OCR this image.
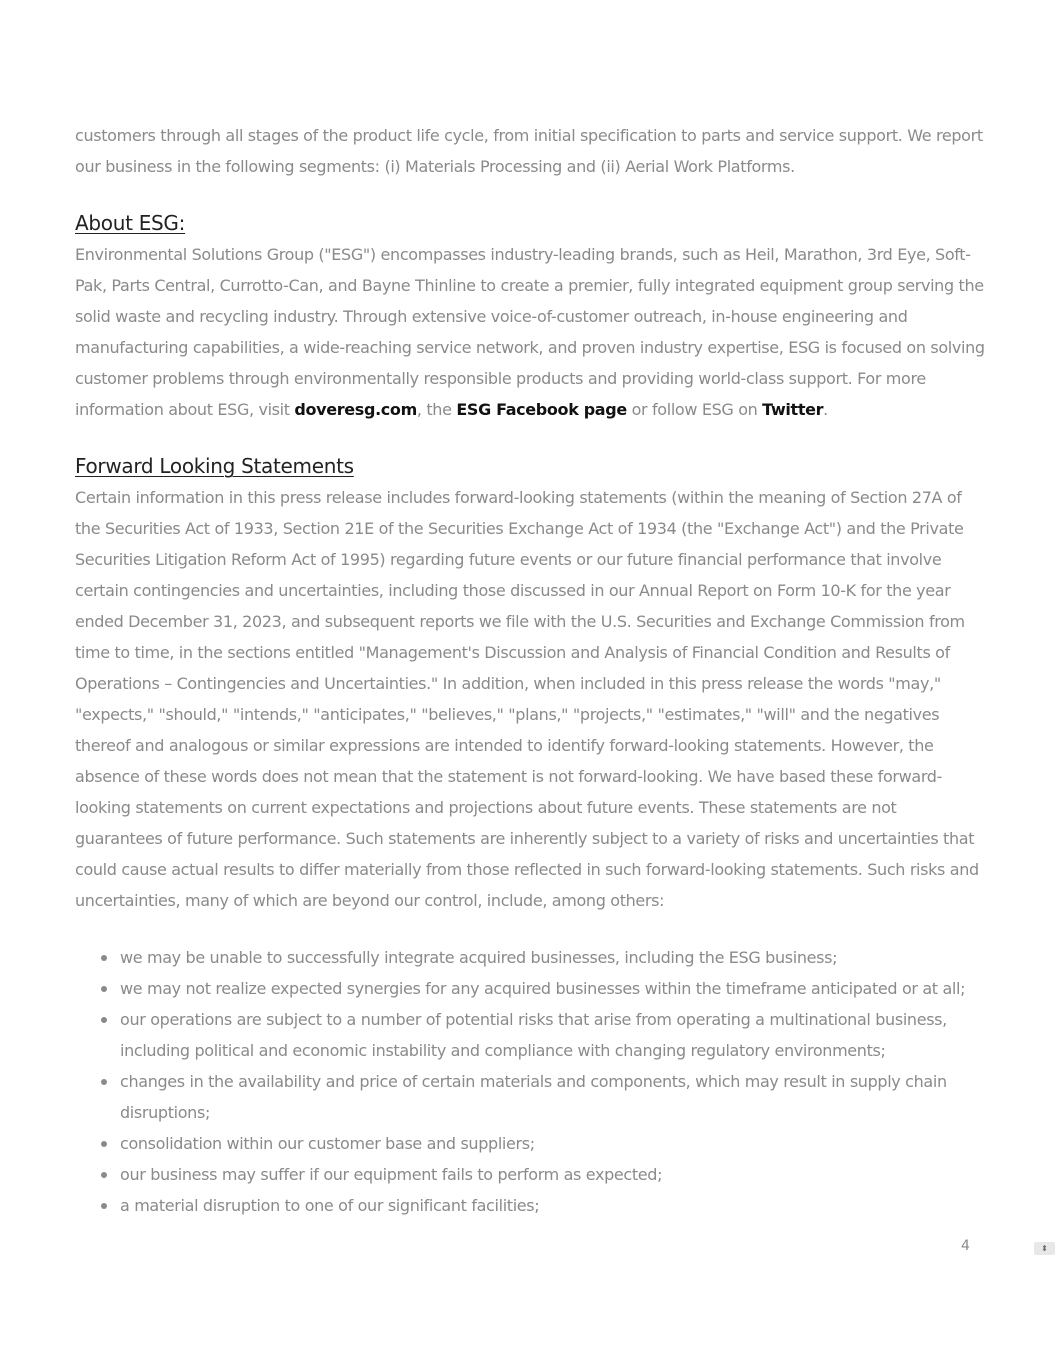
customers through all stages of the product life cycle, from initial specification to parts and service support. We report our business in the following segments: (i) Materials Processing and (ii) Aerial Work Platforms.

About ESG:

Environmental Solutions Group ("ESG") encompasses industry-leading brands, such as Heil, Marathon, 3rd Eye, Soft-Pak, Parts Central, Currotto-Can, and Bayne Thinline to create a premier, fully integrated equipment group serving the solid waste and recycling industry. Through extensive voice-of-customer outreach, in-house engineering and manufacturing capabilities, a wide-reaching service network, and proven industry expertise, ESG is focused on solving customer problems through environmentally responsible products and providing world-class support. For more information about ESG, visit doveresg.com, the ESG Facebook page or follow ESG on Twitter.

Forward Looking Statements

Certain information in this press release includes forward-looking statements (within the meaning of Section 27A of the Securities Act of 1933, Section 21E of the Securities Exchange Act of 1934 (the "Exchange Act") and the Private Securities Litigation Reform Act of 1995) regarding future events or our future financial performance that involve certain contingencies and uncertainties, including those discussed in our Annual Report on Form 10-K for the year ended December 31, 2023, and subsequent reports we file with the U.S. Securities and Exchange Commission from time to time, in the sections entitled "Management's Discussion and Analysis of Financial Condition and Results of Operations – Contingencies and Uncertainties." In addition, when included in this press release the words "may," "expects," "should," "intends," "anticipates," "believes," "plans," "projects," "estimates," "will" and the negatives thereof and analogous or similar expressions are intended to identify forward-looking statements. However, the absence of these words does not mean that the statement is not forward-looking. We have based these forward-looking statements on current expectations and projections about future events. These statements are not guarantees of future performance. Such statements are inherently subject to a variety of risks and uncertainties that could cause actual results to differ materially from those reflected in such forward-looking statements. Such risks and uncertainties, many of which are beyond our control, include, among others:

we may be unable to successfully integrate acquired businesses, including the ESG business;
we may not realize expected synergies for any acquired businesses within the timeframe anticipated or at all;
our operations are subject to a number of potential risks that arise from operating a multinational business, including political and economic instability and compliance with changing regulatory environments;
changes in the availability and price of certain materials and components, which may result in supply chain disruptions;
consolidation within our customer base and suppliers;
our business may suffer if our equipment fails to perform as expected;
a material disruption to one of our significant facilities;
4	⬍
